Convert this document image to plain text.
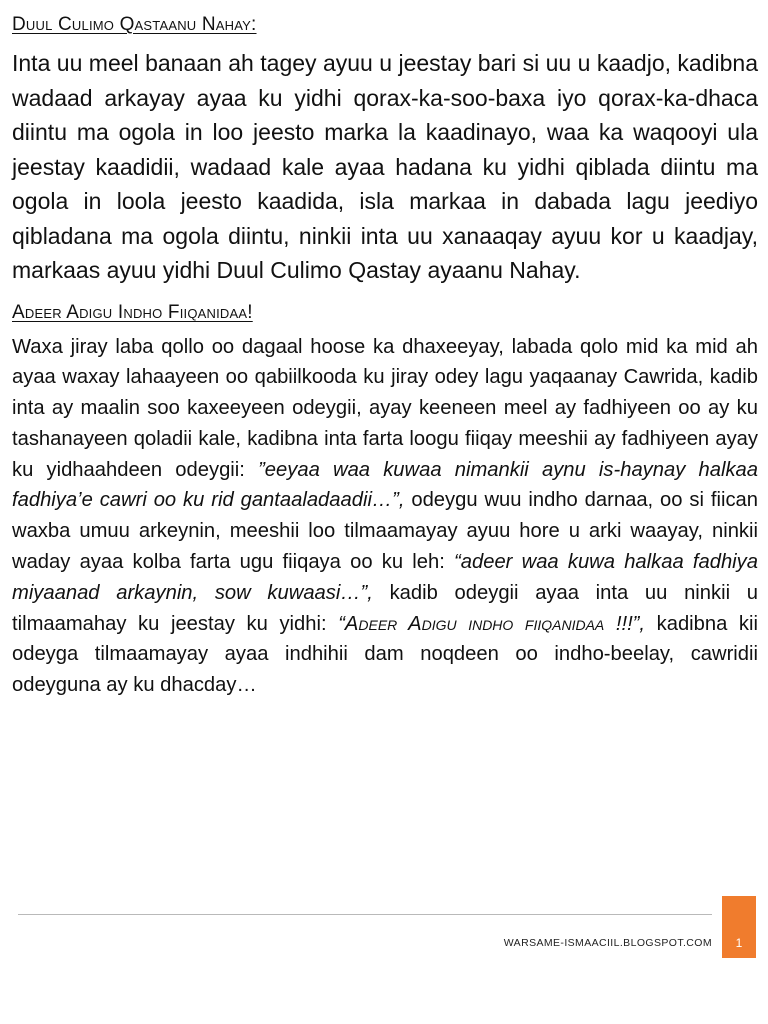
Duul Culimo Qastaanu Nahay:

Inta uu meel banaan ah tagey ayuu u jeestay bari si uu u kaadjo, kadibna wadaad arkayay ayaa ku yidhi qorax-ka-soo-baxa iyo qorax-ka-dhaca diintu ma ogola in loo jeesto marka la kaadinayo, waa ka waqooyi ula jeestay kaadidii, wadaad kale ayaa hadana ku yidhi qiblada diintu ma ogola in loola jeesto kaadida, isla markaa in dabada lagu jeediyo qibladana ma ogola diintu, ninkii inta uu xanaaqay ayuu kor u kaadjay, markaas ayuu yidhi Duul Culimo Qastay ayaanu Nahay.

Adeer Adigu Indho Fiiqanidaa!

Waxa jiray laba qollo oo dagaal hoose ka dhaxeeyay, labada qolo mid ka mid ah ayaa waxay lahaayeen oo qabiilkooda ku jiray odey lagu yaqaanay Cawrida, kadib inta ay maalin soo kaxeeyeen odeygii, ayay keeneen meel ay fadhiyeen oo ay ku tashanayeen qoladii kale, kadibna inta farta loogu fiiqay meeshii ay fadhiyeen ayay ku yidhaahdeen odeygii: ”eeyaa waa kuwaa nimankii aynu is-haynay halkaa fadhiya’e cawri oo ku rid gantaaladaadii…”, odeygu wuu indho darnaa, oo si fiican waxba umuu arkeynin, meeshii loo tilmaamayay ayuu hore u arki waayay, ninkii waday ayaa kolba farta ugu fiiqaya oo ku leh: “adeer waa kuwa halkaa fadhiya miyaanad arkaynin, sow kuwaasi…”, kadib odeygii ayaa inta uu ninkii u tilmaamahay ku jeestay ku yidhi: “Adeer Adigu indho fiiqanidaa !!!”, kadibna kii odeyga tilmaamayay ayaa indhihii dam noqdeen oo indho-beelay, cawridii odeyguna ay ku dhacday…

WARSAME-ISMAACIIL.BLOGSPOT.COM 1
